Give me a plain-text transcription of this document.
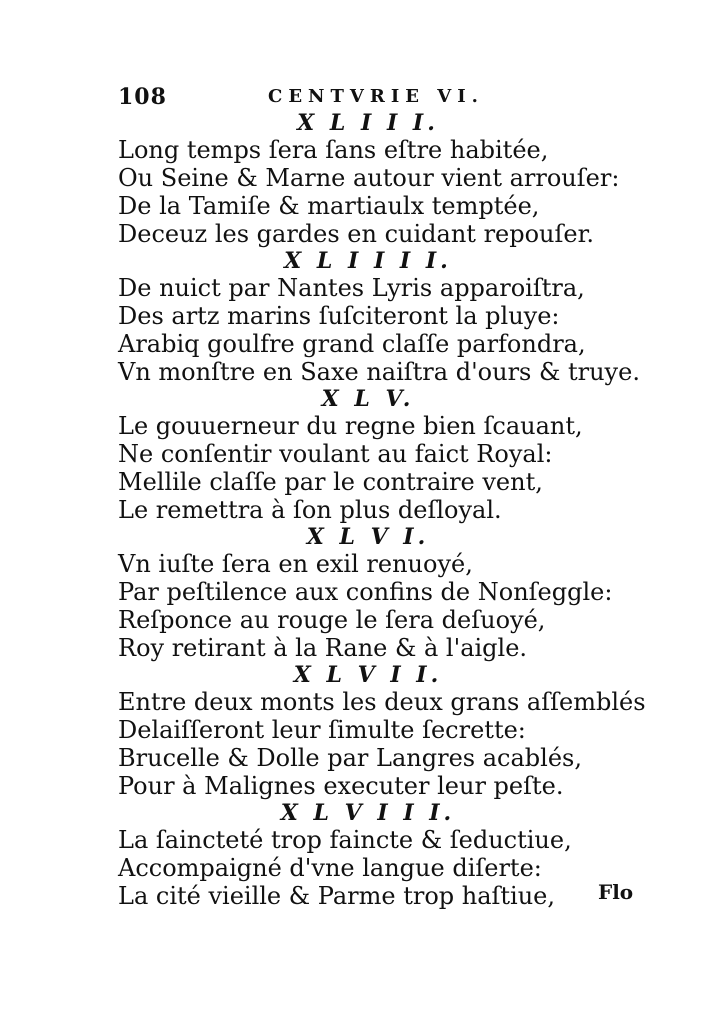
108	CENTVRIE VI.
X L I I I.
Long temps ſera ſans eſtre habitée,
Ou Seine & Marne autour vient arrouſer:
De la Tamiſe & martiaulx temptée,
Deceuz les gardes en cuidant repouſer.
X L I I I I.
De nuict par Nantes Lyris apparoiſtra,
Des artz marins ſuſciteront la pluye:
Arabiq goulfre grand claſſe parfondra,
Vn monſtre en Saxe naiſtra d'ours & truye.
X L V.
Le gouuerneur du regne bien ſcauant,
Ne conſentir voulant au faict Royal:
Mellile claſſe par le contraire vent,
Le remettra à ſon plus deſloyal.
X L V I.
Vn iuſte ſera en exil renuoyé,
Par peſtilence aux confins de Nonſeggle:
Reſponce au rouge le ſera deſuoyé,
Roy retirant à la Rane & à l'aigle.
X L V I I.
Entre deux monts les deux grans aſſemblés
Delaiſſeront leur ſimulte ſecrette:
Brucelle & Dolle par Langres acablés,
Pour à Malignes executer leur peſte.
X L V I I I.
La ſainctеté trop faincte & ſeductiue,
Accompaigné d'vne langue diſerte:
La cité vieille & Parme trop haſtiue,	Flo
